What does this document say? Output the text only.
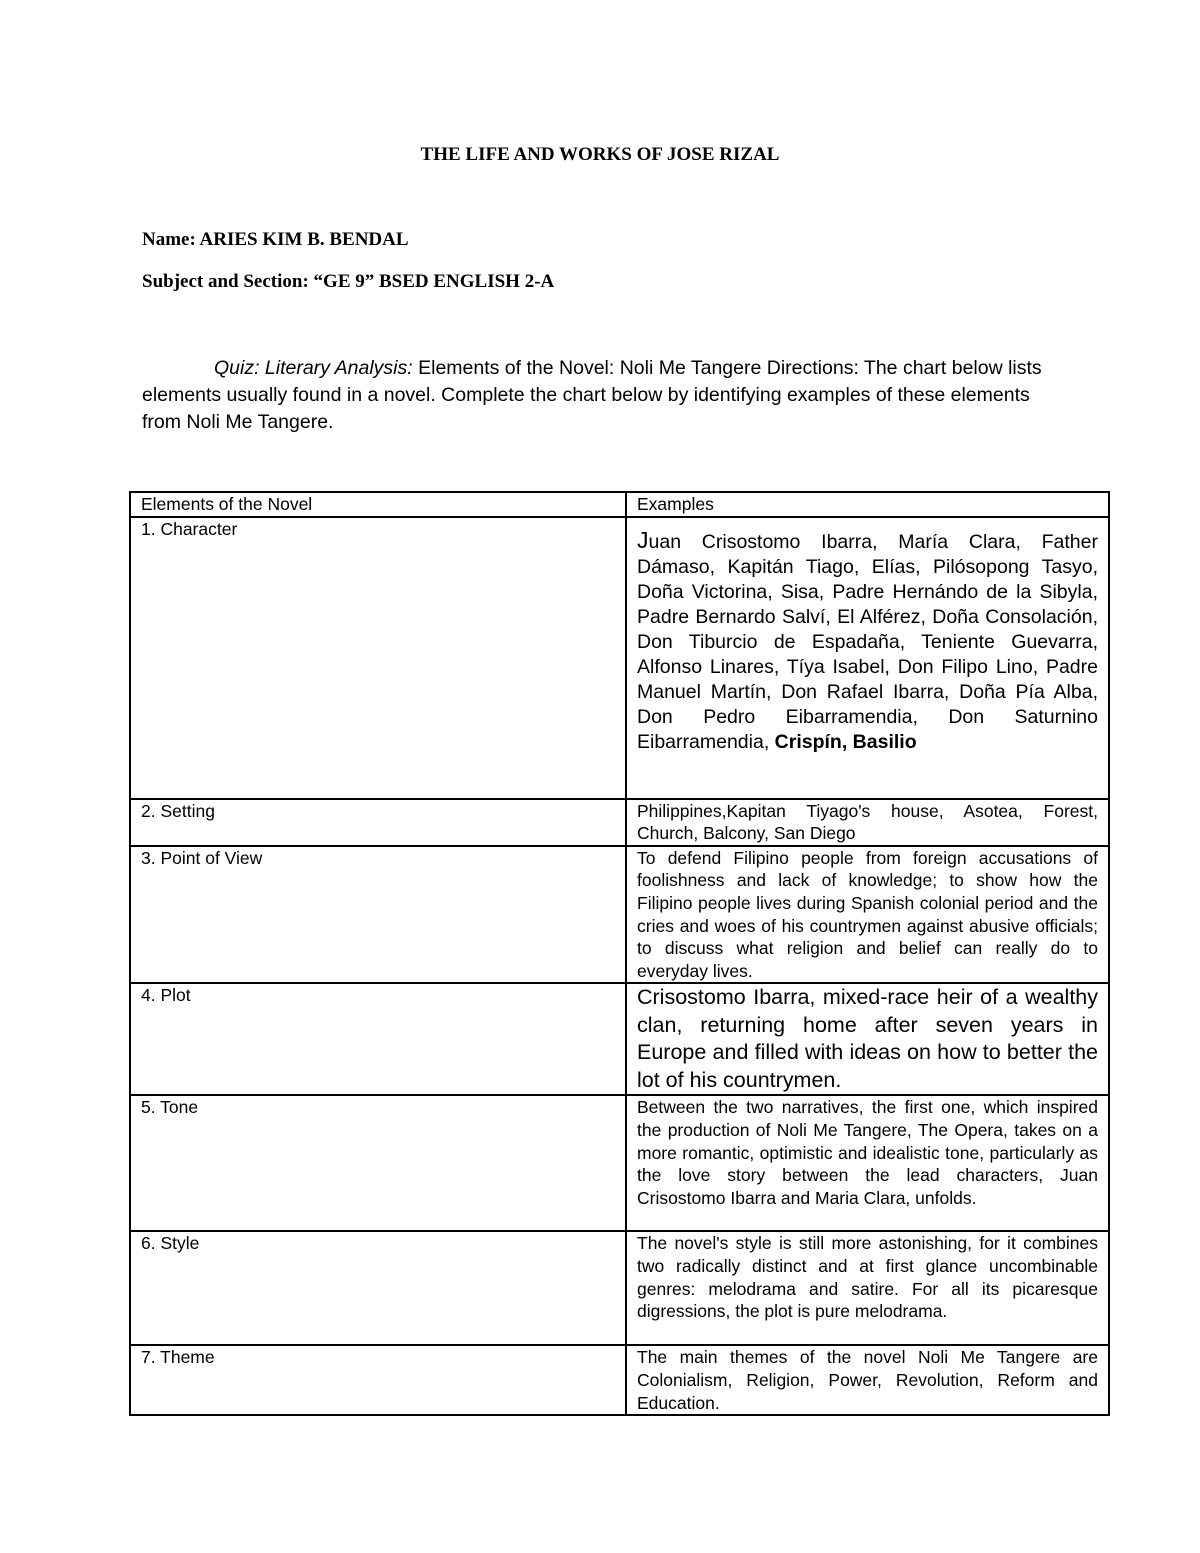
THE LIFE AND WORKS OF JOSE RIZAL
Name: ARIES KIM B. BENDAL
Subject and Section: “GE 9” BSED ENGLISH 2-A
Quiz: Literary Analysis: Elements of the Novel: Noli Me Tangere Directions: The chart below lists elements usually found in a novel. Complete the chart below by identifying examples of these elements from Noli Me Tangere.
Elements of the Novel	Examples
1. Character	Juan Crisostomo Ibarra, María Clara, Father Dámaso, Kapitán Tiago, Elías, Pilósopong Tasyo, Doña Victorina, Sisa, Padre Hernándo de la Sibyla, Padre Bernardo Salví, El Alférez, Doña Consolación, Don Tiburcio de Espadaña, Teniente Guevarra, Alfonso Linares, Tíya Isabel, Don Filipo Lino, Padre Manuel Martín, Don Rafael Ibarra, Doña Pía Alba, Don Pedro Eibarramendia, Don Saturnino Eibarramendia, Crispín, Basilio

2. Setting	Philippines,Kapitan Tiyago's house, Asotea, Forest, Church, Balcony, San Diego
3. Point of View	To defend Filipino people from foreign accusations of foolishness and lack of knowledge; to show how the Filipino people lives during Spanish colonial period and the cries and woes of his countrymen against abusive officials; to discuss what religion and belief can really do to everyday lives.
4. Plot	Crisostomo Ibarra, mixed-race heir of a wealthy clan, returning home after seven years in Europe and filled with ideas on how to better the lot of his countrymen.
5. Tone	Between the two narratives, the first one, which inspired the production of Noli Me Tangere, The Opera, takes on a more romantic, optimistic and idealistic tone, particularly as the love story between the lead characters, Juan Crisostomo Ibarra and Maria Clara, unfolds.
6. Style	The novel's style is still more astonishing, for it combines two radically distinct and at first glance uncombinable genres: melodrama and satire. For all its picaresque digressions, the plot is pure melodrama.
7. Theme	The main themes of the novel Noli Me Tangere are Colonialism, Religion, Power, Revolution, Reform and Education.
